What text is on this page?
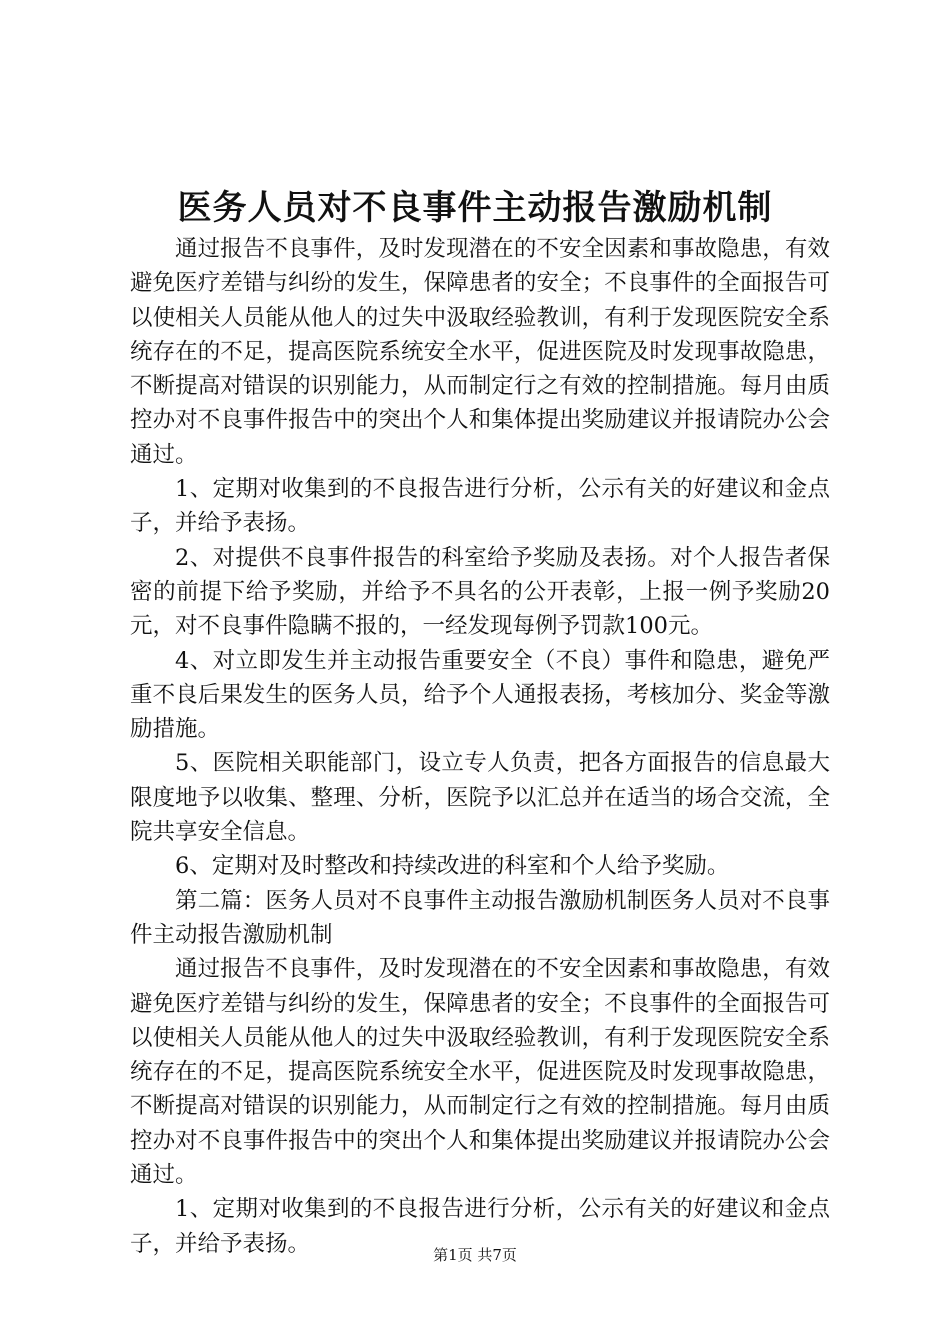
医务人员对不良事件主动报告激励机制

通过报告不良事件，及时发现潜在的不安全因素和事故隐患，有效避免医疗差错与纠纷的发生，保障患者的安全；不良事件的全面报告可以使相关人员能从他人的过失中汲取经验教训，有利于发现医院安全系统存在的不足，提高医院系统安全水平，促进医院及时发现事故隐患，不断提高对错误的识别能力，从而制定行之有效的控制措施。每月由质控办对不良事件报告中的突出个人和集体提出奖励建议并报请院办公会通过。

1、定期对收集到的不良报告进行分析，公示有关的好建议和金点子，并给予表扬。

2、对提供不良事件报告的科室给予奖励及表扬。对个人报告者保密的前提下给予奖励，并给予不具名的公开表彰，上报一例予奖励20元，对不良事件隐瞒不报的，一经发现每例予罚款100元。

4、对立即发生并主动报告重要安全（不良）事件和隐患，避免严重不良后果发生的医务人员，给予个人通报表扬，考核加分、奖金等激励措施。

5、医院相关职能部门，设立专人负责，把各方面报告的信息最大限度地予以收集、整理、分析，医院予以汇总并在适当的场合交流，全院共享安全信息。

6、定期对及时整改和持续改进的科室和个人给予奖励。

第二篇：医务人员对不良事件主动报告激励机制医务人员对不良事件主动报告激励机制

通过报告不良事件，及时发现潜在的不安全因素和事故隐患，有效避免医疗差错与纠纷的发生，保障患者的安全；不良事件的全面报告可以使相关人员能从他人的过失中汲取经验教训，有利于发现医院安全系统存在的不足，提高医院系统安全水平，促进医院及时发现事故隐患，不断提高对错误的识别能力，从而制定行之有效的控制措施。每月由质控办对不良事件报告中的突出个人和集体提出奖励建议并报请院办公会通过。

1、定期对收集到的不良报告进行分析，公示有关的好建议和金点子，并给予表扬。	第1页 共7页
